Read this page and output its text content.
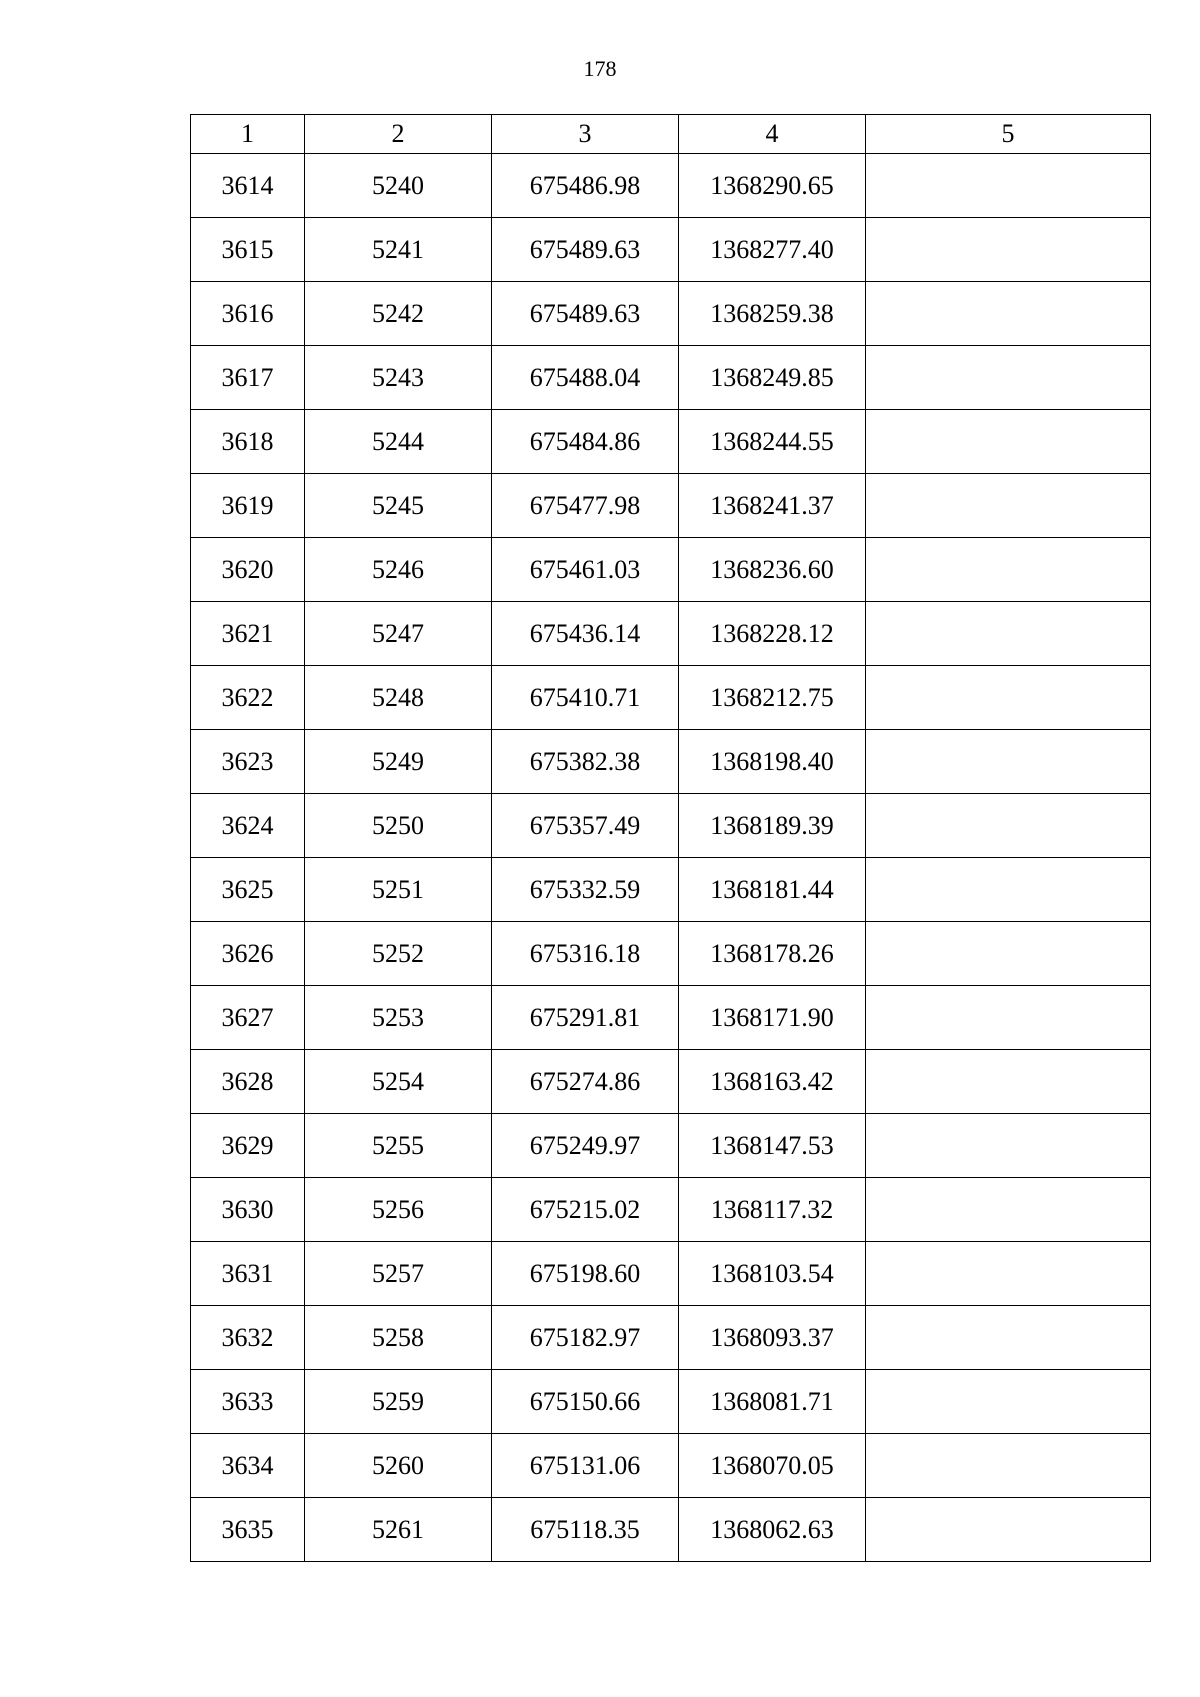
178
1	2	3	4	5
3614	5240	675486.98	1368290.65	
3615	5241	675489.63	1368277.40	
3616	5242	675489.63	1368259.38	
3617	5243	675488.04	1368249.85	
3618	5244	675484.86	1368244.55	
3619	5245	675477.98	1368241.37	
3620	5246	675461.03	1368236.60	
3621	5247	675436.14	1368228.12	
3622	5248	675410.71	1368212.75	
3623	5249	675382.38	1368198.40	
3624	5250	675357.49	1368189.39	
3625	5251	675332.59	1368181.44	
3626	5252	675316.18	1368178.26	
3627	5253	675291.81	1368171.90	
3628	5254	675274.86	1368163.42	
3629	5255	675249.97	1368147.53	
3630	5256	675215.02	1368117.32	
3631	5257	675198.60	1368103.54	
3632	5258	675182.97	1368093.37	
3633	5259	675150.66	1368081.71	
3634	5260	675131.06	1368070.05	
3635	5261	675118.35	1368062.63	
